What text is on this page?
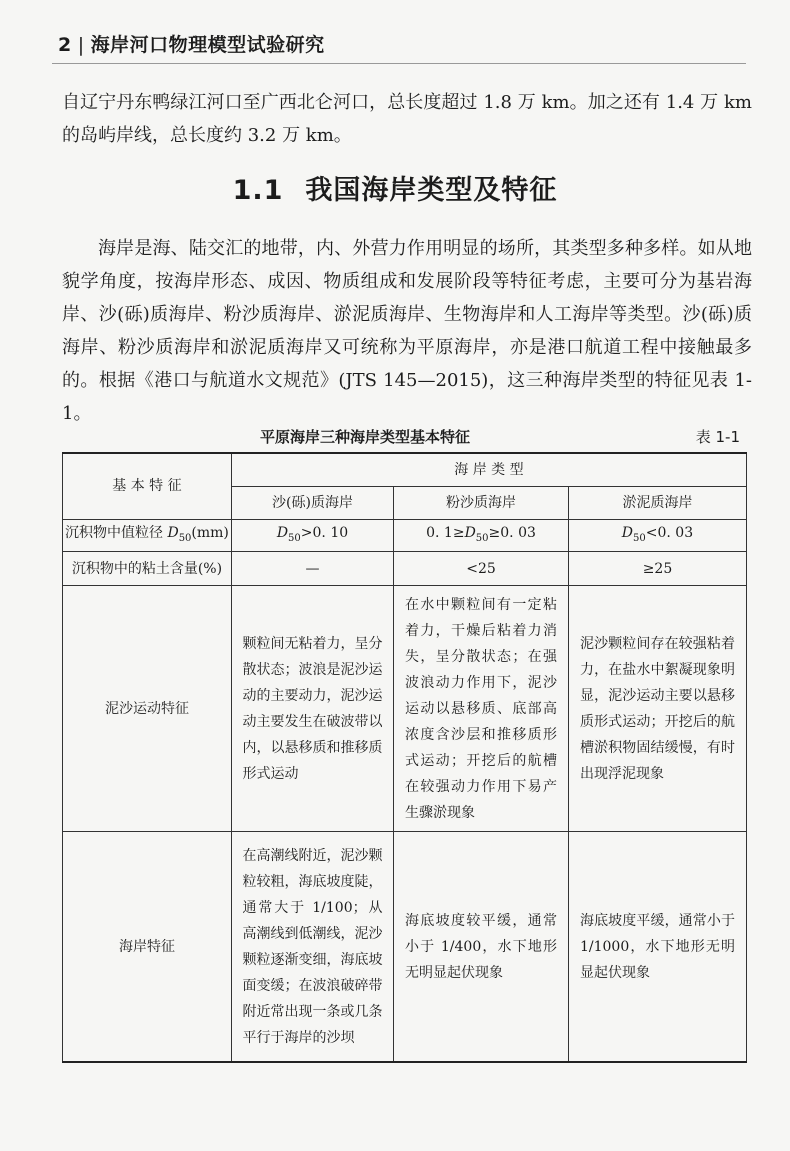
2 | 海岸河口物理模型试验研究

自辽宁丹东鸭绿江河口至广西北仑河口，总长度超过 1.8 万 km。加之还有 1.4 万 km 的岛屿岸线，总长度约 3.2 万 km。

1.1 我国海岸类型及特征

海岸是海、陆交汇的地带，内、外营力作用明显的场所，其类型多种多样。如从地貌学角度，按海岸形态、成因、物质组成和发展阶段等特征考虑，主要可分为基岩海岸、沙(砾)质海岸、粉沙质海岸、淤泥质海岸、生物海岸和人工海岸等类型。沙(砾)质海岸、粉沙质海岸和淤泥质海岸又可统称为平原海岸，亦是港口航道工程中接触最多的。根据《港口与航道水文规范》(JTS 145—2015)，这三种海岸类型的特征见表 1-1。

平原海岸三种海岸类型基本特征	表 1-1
基 本 特 征	海 岸 类 型		
	沙(砾)质海岸	粉沙质海岸	淤泥质海岸
沉积物中值粒径 $D_{50}(mm)$	$D_{50}>0$. 10	0. $1\ge D_{50}\ge 0$. 03	$D_{50}<0$. 03
沉积物中的粘土含量(%)	—	<25	≥25
泥沙运动特征	颗粒间无粘着力，呈分散状态；波浪是泥沙运动的主要动力，泥沙运动主要发生在破波带以内，以悬移质和推移质形式运动	在水中颗粒间有一定粘着力，干燥后粘着力消失，呈分散状态；在强波浪动力作用下，泥沙运动以悬移质、底部高浓度含沙层和推移质形式运动；开挖后的航槽在较强动力作用下易产生骤淤现象	泥沙颗粒间存在较强粘着力，在盐水中絮凝现象明显，泥沙运动主要以悬移质形式运动；开挖后的航槽淤积物固结缓慢，有时出现浮泥现象
海岸特征	在高潮线附近，泥沙颗粒较粗，海底坡度陡，通常大于 1/100；从高潮线到低潮线，泥沙颗粒逐渐变细，海底坡面变缓；在波浪破碎带附近常出现一条或几条平行于海岸的沙坝	海底坡度较平缓，通常小于 1/400，水下地形无明显起伏现象	海底坡度平缓，通常小于 1/1000，水下地形无明显起伏现象
